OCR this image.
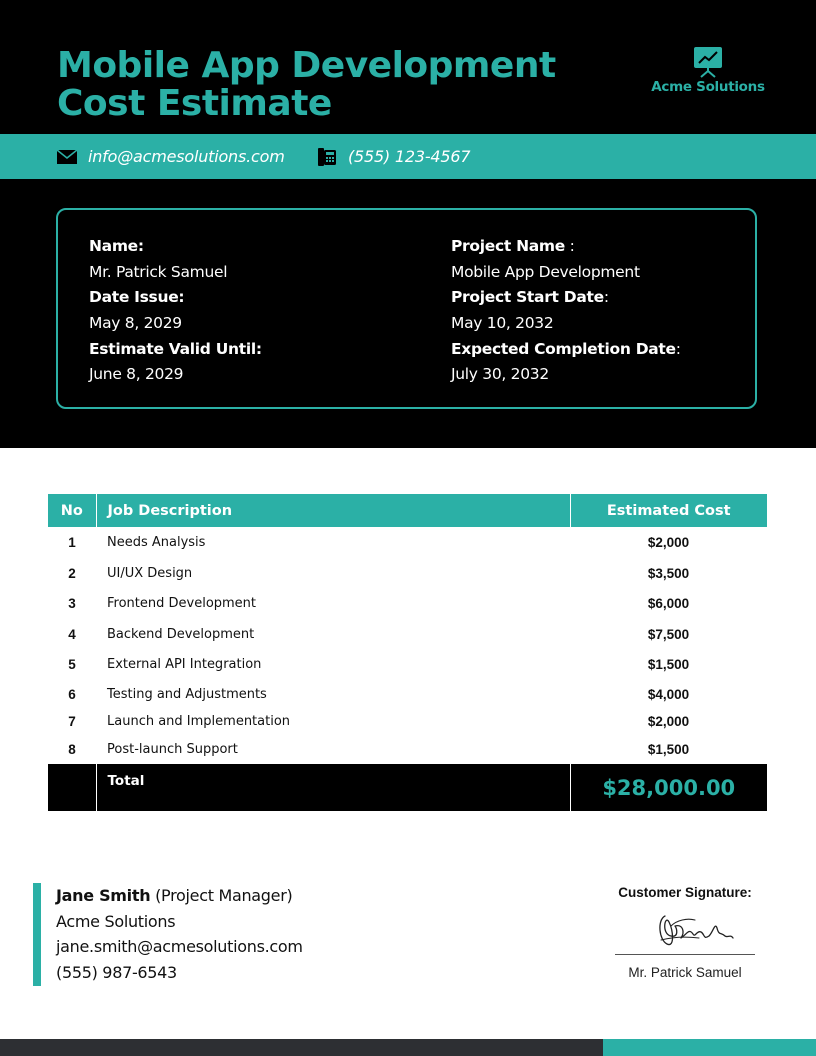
Mobile App Development
Cost Estimate	Acme Solutions
info@acmesolutions.com	(555) 123-4567
Name:
Mr. Patrick Samuel
Date Issue:
May 8, 2029
Estimate Valid Until:
June 8, 2029
Project Name :
Mobile App Development
Project Start Date:
May 10, 2032
Expected Completion Date:
July 30, 2032
No	Job Description	Estimated Cost
1	Needs Analysis	$2,000
2	UI/UX Design	$3,500
3	Frontend Development	$6,000
4	Backend Development	$7,500
5	External API Integration	$1,500
6	Testing and Adjustments	$4,000
7	Launch and Implementation	$2,000
8	Post-launch Support	$1,500
	Total	$28,000.00
Jane Smith (Project Manager)
Acme Solutions
jane.smith@acmesolutions.com
(555) 987-6543
Customer Signature:
Mr. Patrick Samuel
